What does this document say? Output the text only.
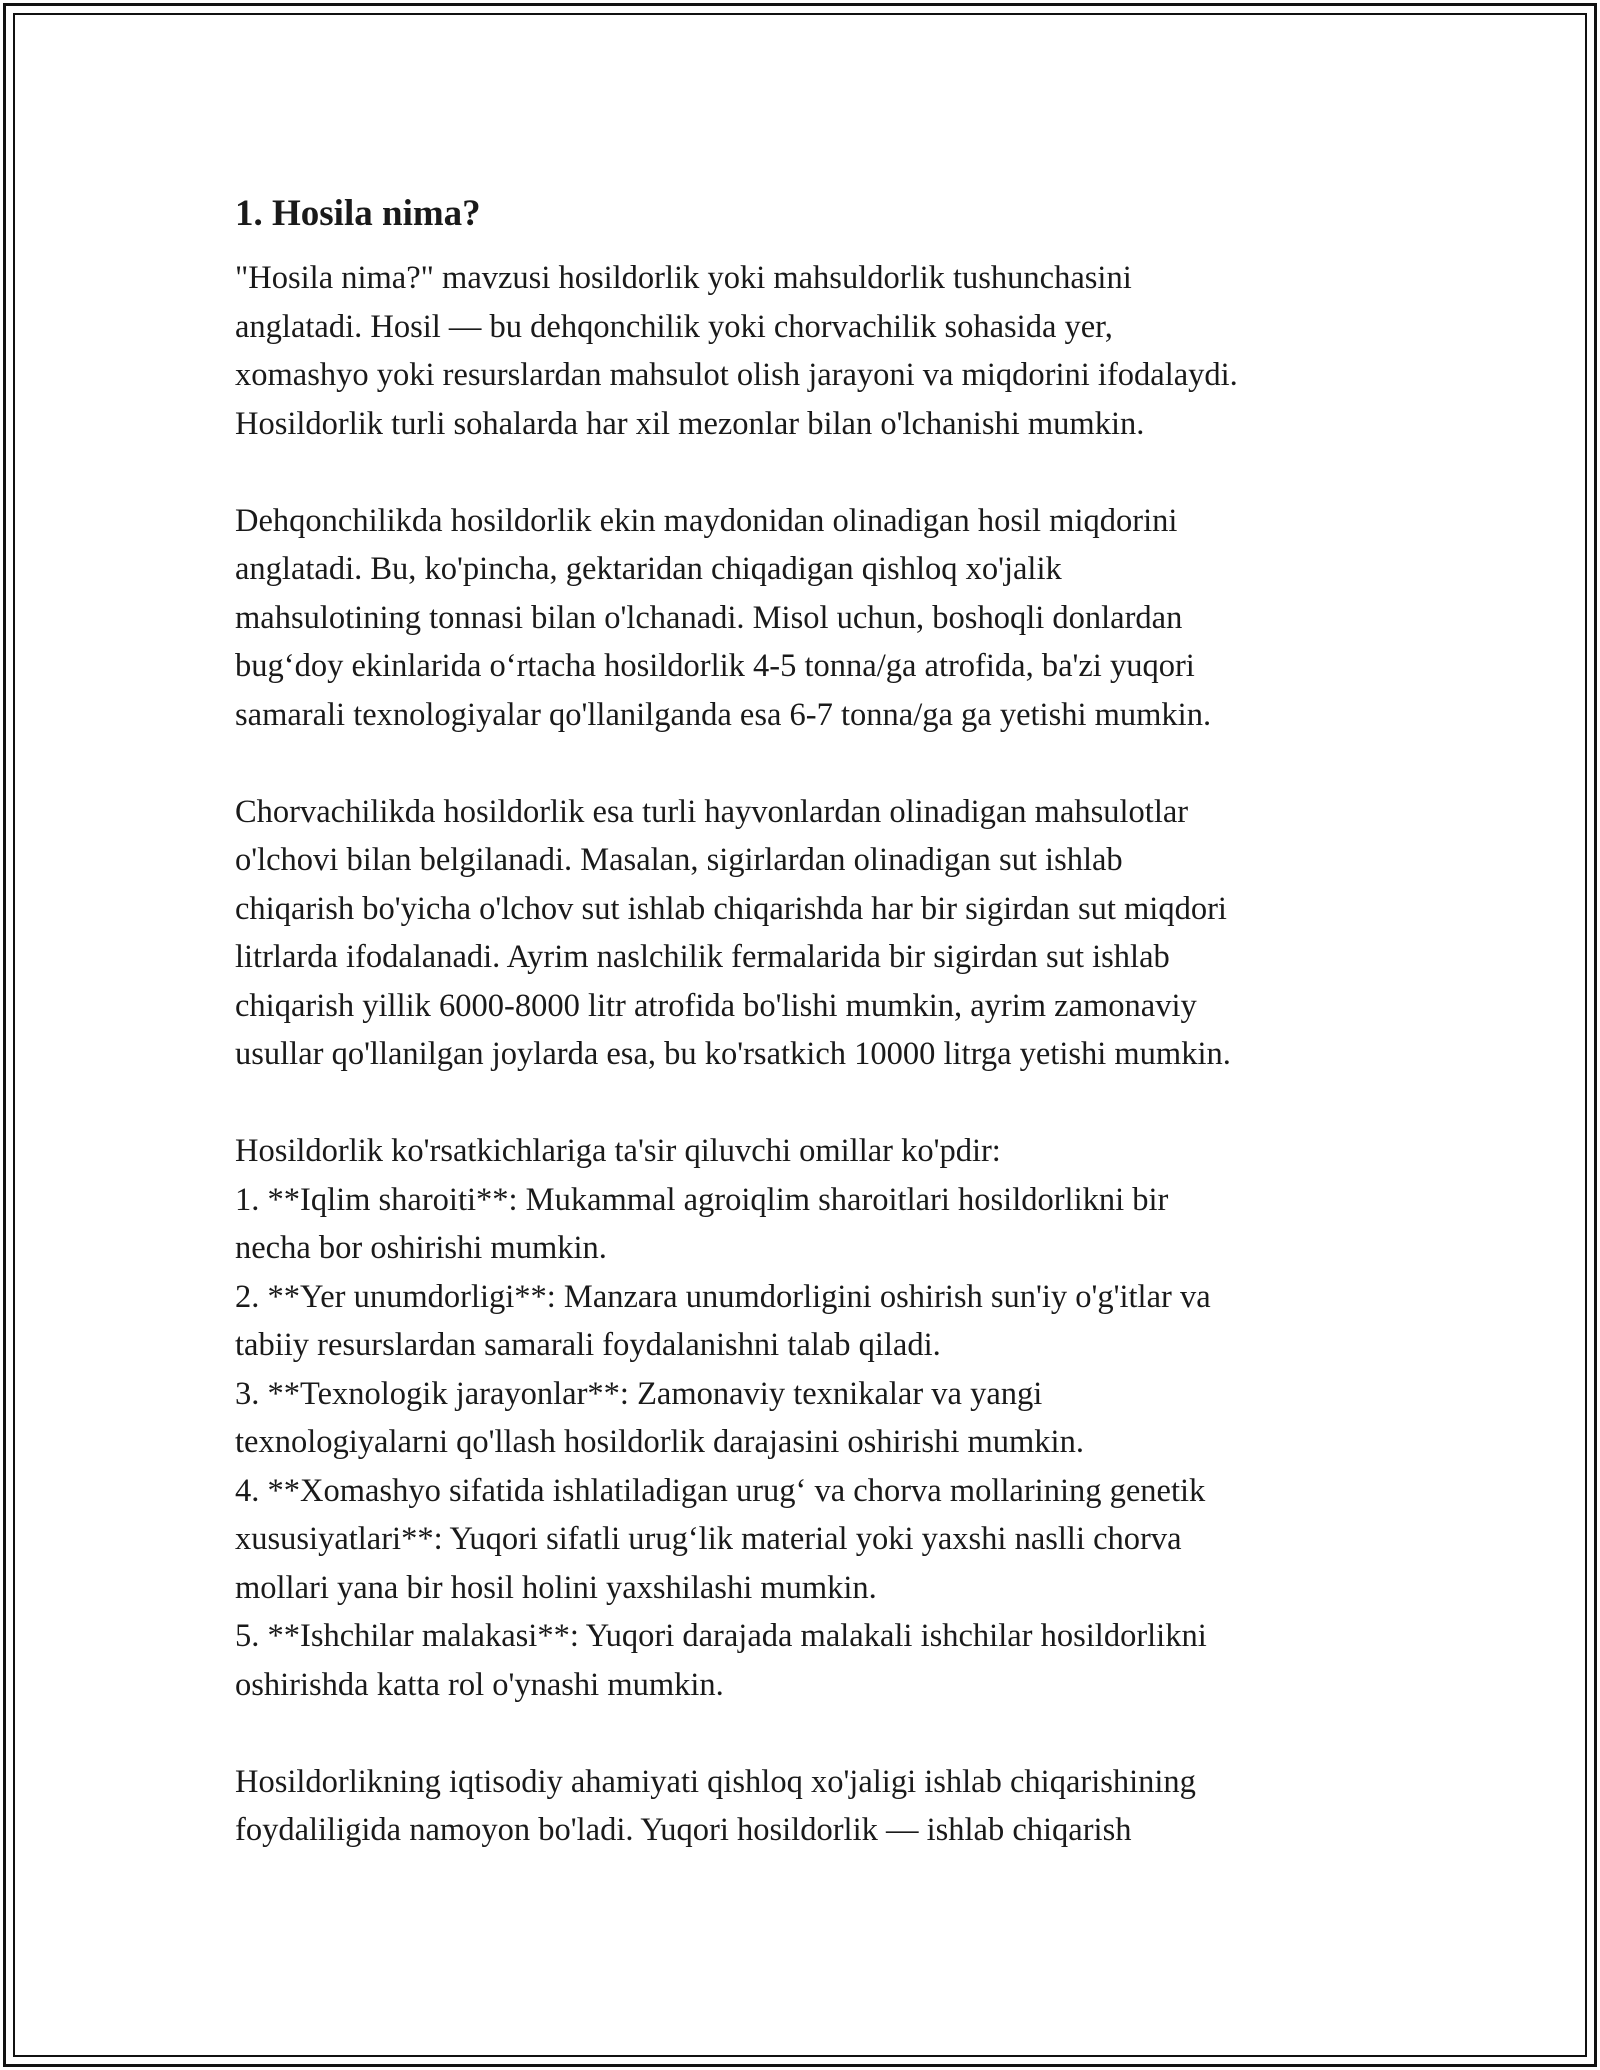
1. Hosila nima?

"Hosila nima?" mavzusi hosildorlik yoki mahsuldorlik tushunchasini
anglatadi. Hosil — bu dehqonchilik yoki chorvachilik sohasida yer,
xomashyo yoki resurslardan mahsulot olish jarayoni va miqdorini ifodalaydi.
Hosildorlik turli sohalarda har xil mezonlar bilan o'lchanishi mumkin.

Dehqonchilikda hosildorlik ekin maydonidan olinadigan hosil miqdorini
anglatadi. Bu, ko'pincha, gektaridan chiqadigan qishloq xo'jalik
mahsulotining tonnasi bilan o'lchanadi. Misol uchun, boshoqli donlardan
bug‘doy ekinlarida o‘rtacha hosildorlik 4-5 tonna/ga atrofida, ba'zi yuqori
samarali texnologiyalar qo'llanilganda esa 6-7 tonna/ga ga yetishi mumkin.

Chorvachilikda hosildorlik esa turli hayvonlardan olinadigan mahsulotlar
o'lchovi bilan belgilanadi. Masalan, sigirlardan olinadigan sut ishlab
chiqarish bo'yicha o'lchov sut ishlab chiqarishda har bir sigirdan sut miqdori
litrlarda ifodalanadi. Ayrim naslchilik fermalarida bir sigirdan sut ishlab
chiqarish yillik 6000-8000 litr atrofida bo'lishi mumkin, ayrim zamonaviy
usullar qo'llanilgan joylarda esa, bu ko'rsatkich 10000 litrga yetishi mumkin.

Hosildorlik ko'rsatkichlariga ta'sir qiluvchi omillar ko'pdir:
1. **Iqlim sharoiti**: Mukammal agroiqlim sharoitlari hosildorlikni bir
necha bor oshirishi mumkin.
2. **Yer unumdorligi**: Manzara unumdorligini oshirish sun'iy o'g'itlar va
tabiiy resurslardan samarali foydalanishni talab qiladi.
3. **Texnologik jarayonlar**: Zamonaviy texnikalar va yangi
texnologiyalarni qo'llash hosildorlik darajasini oshirishi mumkin.
4. **Xomashyo sifatida ishlatiladigan urug‘ va chorva mollarining genetik
xususiyatlari**: Yuqori sifatli urug‘lik material yoki yaxshi naslli chorva
mollari yana bir hosil holini yaxshilashi mumkin.
5. **Ishchilar malakasi**: Yuqori darajada malakali ishchilar hosildorlikni
oshirishda katta rol o'ynashi mumkin.

Hosildorlikning iqtisodiy ahamiyati qishloq xo'jaligi ishlab chiqarishining
foydaliligida namoyon bo'ladi. Yuqori hosildorlik — ishlab chiqarish
